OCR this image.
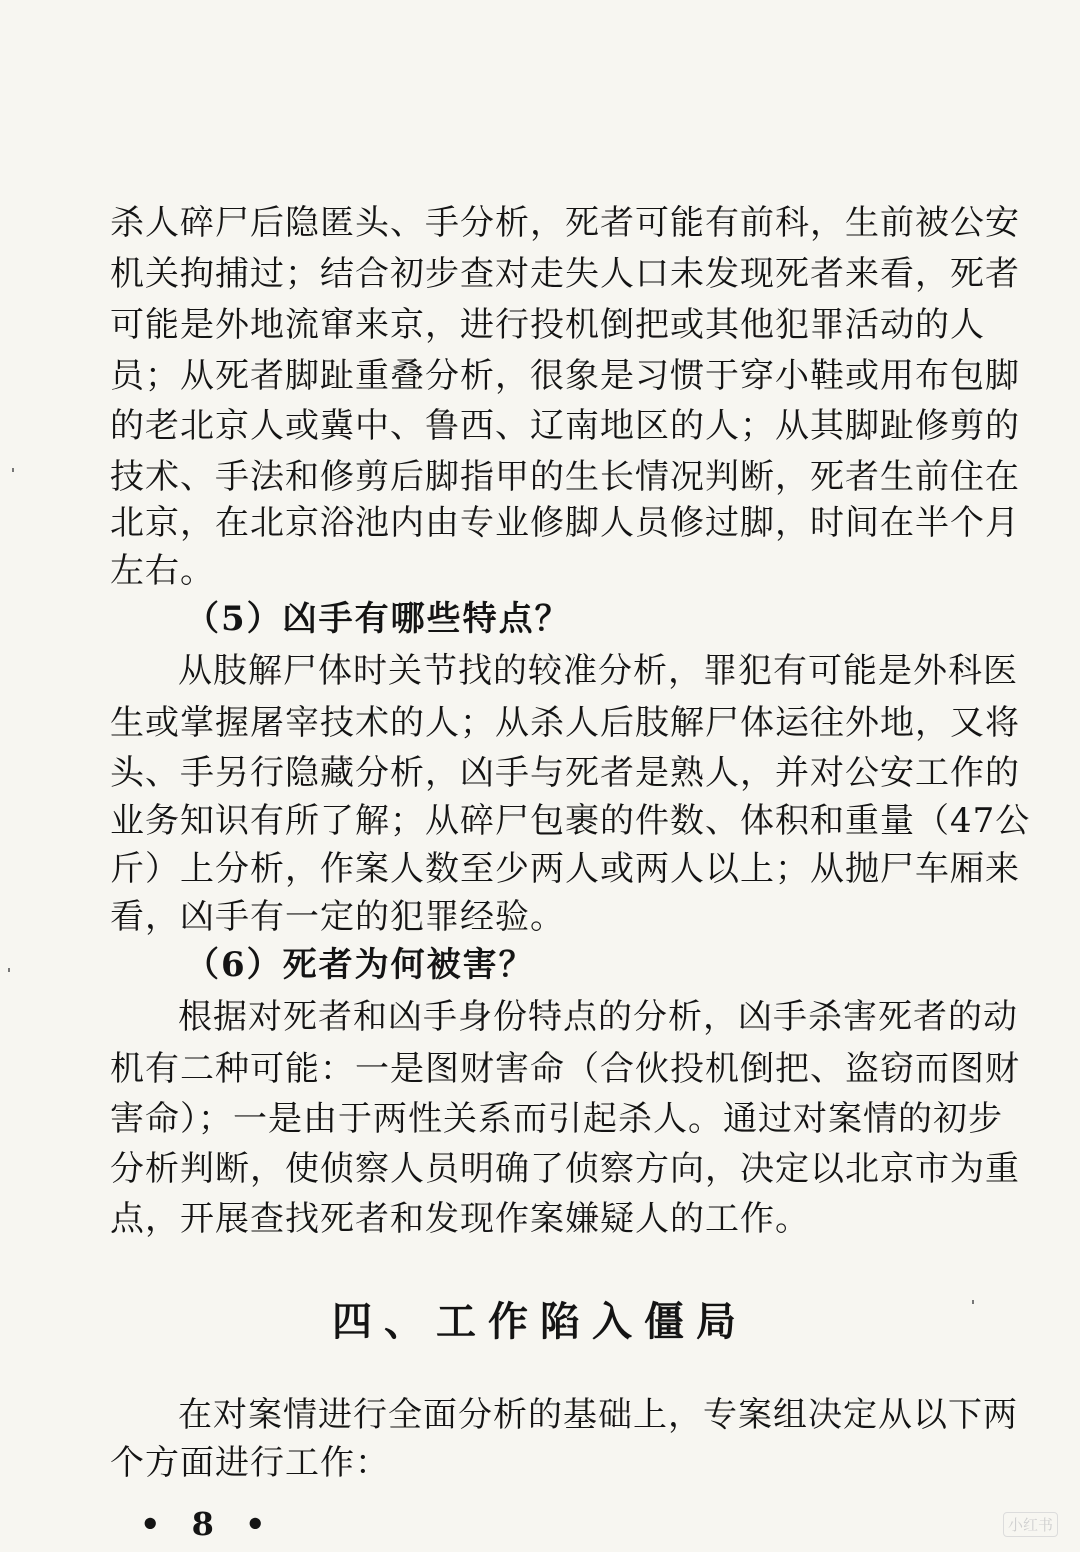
杀人碎尸后隐匿头、手分析，死者可能有前科，生前被公安
机关拘捕过；结合初步查对走失人口未发现死者来看，死者
可能是外地流窜来京，进行投机倒把或其他犯罪活动的人
员；从死者脚趾重叠分析，很象是习惯于穿小鞋或用布包脚
的老北京人或冀中、鲁西、辽南地区的人；从其脚趾修剪的
技术、手法和修剪后脚指甲的生长情况判断，死者生前住在
北京，在北京浴池内由专业修脚人员修过脚，时间在半个月
左右。
（5）凶手有哪些特点？
从肢解尸体时关节找的较准分析，罪犯有可能是外科医
生或掌握屠宰技术的人；从杀人后肢解尸体运往外地，又将
头、手另行隐藏分析，凶手与死者是熟人，并对公安工作的
业务知识有所了解；从碎尸包裹的件数、体积和重量（47公
斤）上分析，作案人数至少两人或两人以上；从抛尸车厢来
看，凶手有一定的犯罪经验。
（6）死者为何被害？
根据对死者和凶手身份特点的分析，凶手杀害死者的动
机有二种可能：一是图财害命（合伙投机倒把、盗窃而图财
害命）；一是由于两性关系而引起杀人。通过对案情的初步
分析判断，使侦察人员明确了侦察方向，决定以北京市为重
点，开展查找死者和发现作案嫌疑人的工作。
四、工作陷入僵局
在对案情进行全面分析的基础上，专案组决定从以下两
个方面进行工作：
• 8 •	小红书
